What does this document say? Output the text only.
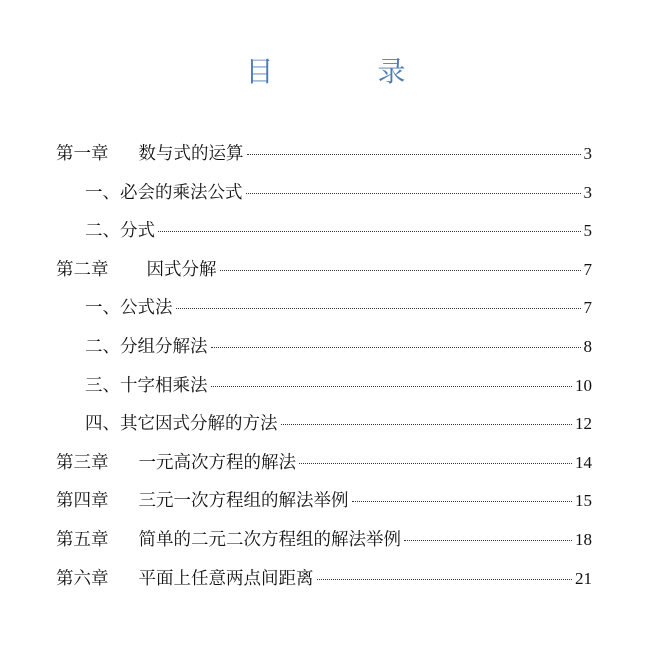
目　录
第一章 数与式的运算	3
一、必会的乘法公式	3
二、分式	5
第二章 因式分解	7
一、公式法	7
二、分组分解法	8
三、十字相乘法	10
四、其它因式分解的方法	12
第三章 一元高次方程的解法	14
第四章 三元一次方程组的解法举例	15
第五章 简单的二元二次方程组的解法举例	18
第六章 平面上任意两点间距离	21
